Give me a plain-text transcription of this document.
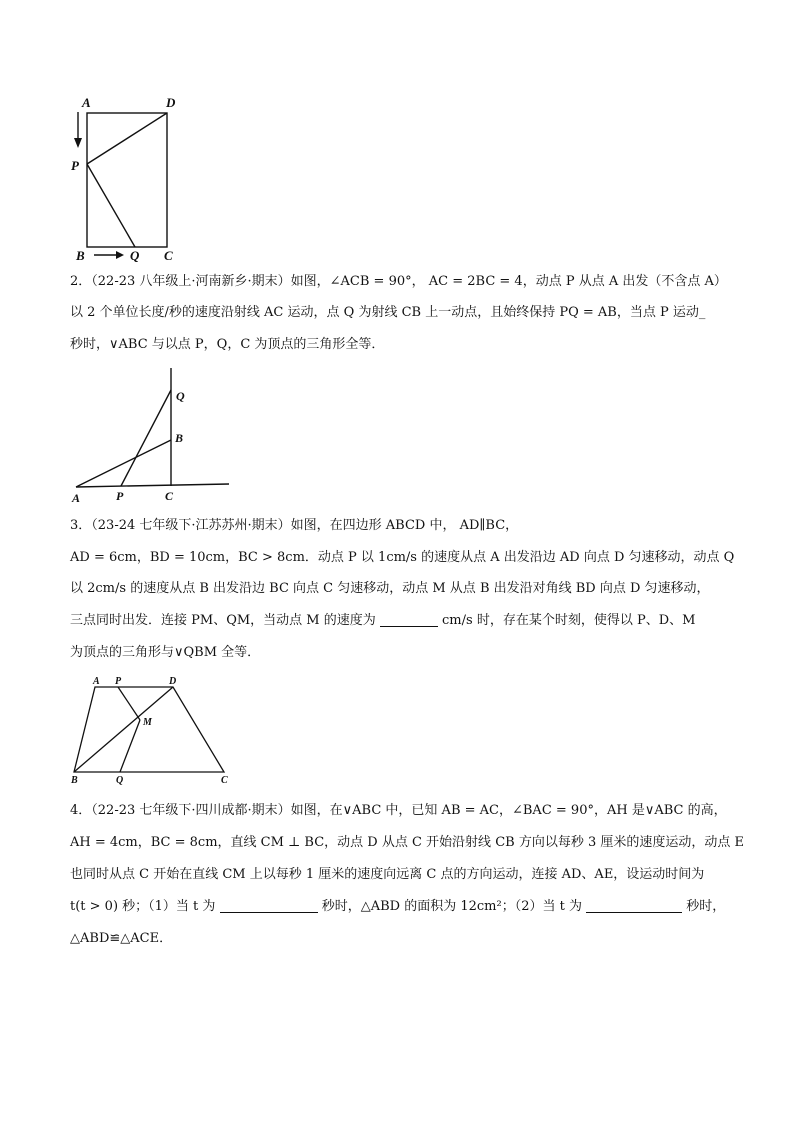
A	D
P
B	Q C
2．（22-23 八年级上·河南新乡·期末）如图，∠ACB = 90°， AC = 2BC = 4，动点 P 从点 A 出发（不含点 A）
以 2 个单位长度/秒的速度沿射线 AC 运动，点 Q 为射线 CB 上一动点，且始终保持 PQ = AB，当点 P 运动_
秒时，∨ABC 与以点 P，Q，C 为顶点的三角形全等．
Q
B
A	P	C
3．（23-24 七年级下·江苏苏州·期末）如图，在四边形 ABCD 中， AD∥BC，
AD = 6cm，BD = 10cm，BC > 8cm．动点 P 以 1cm/s 的速度从点 A 出发沿边 AD 向点 D 匀速移动，动点 Q
以 2cm/s 的速度从点 B 出发沿边 BC 向点 C 匀速移动，动点 M 从点 B 出发沿对角线 BD 向点 D 匀速移动，
三点同时出发．连接 PM、QM，当动点 M 的速度为	cm/s 时，存在某个时刻，使得以 P、D、M
为顶点的三角形与∨QBM 全等．
A P	D
M
B	Q	C
4．（22-23 七年级下·四川成都·期末）如图，在∨ABC 中，已知 AB = AC，∠BAC = 90°，AH 是∨ABC 的高，
AH = 4cm，BC = 8cm，直线 CM ⊥ BC，动点 D 从点 C 开始沿射线 CB 方向以每秒 3 厘米的速度运动，动点 E
也同时从点 C 开始在直线 CM 上以每秒 1 厘米的速度向远离 C 点的方向运动，连接 AD、AE，设运动时间为
t(t > 0) 秒；（1）当 t 为	秒时，△ABD 的面积为 12cm²；（2）当 t 为	秒时，
△ABD≌△ACE．
